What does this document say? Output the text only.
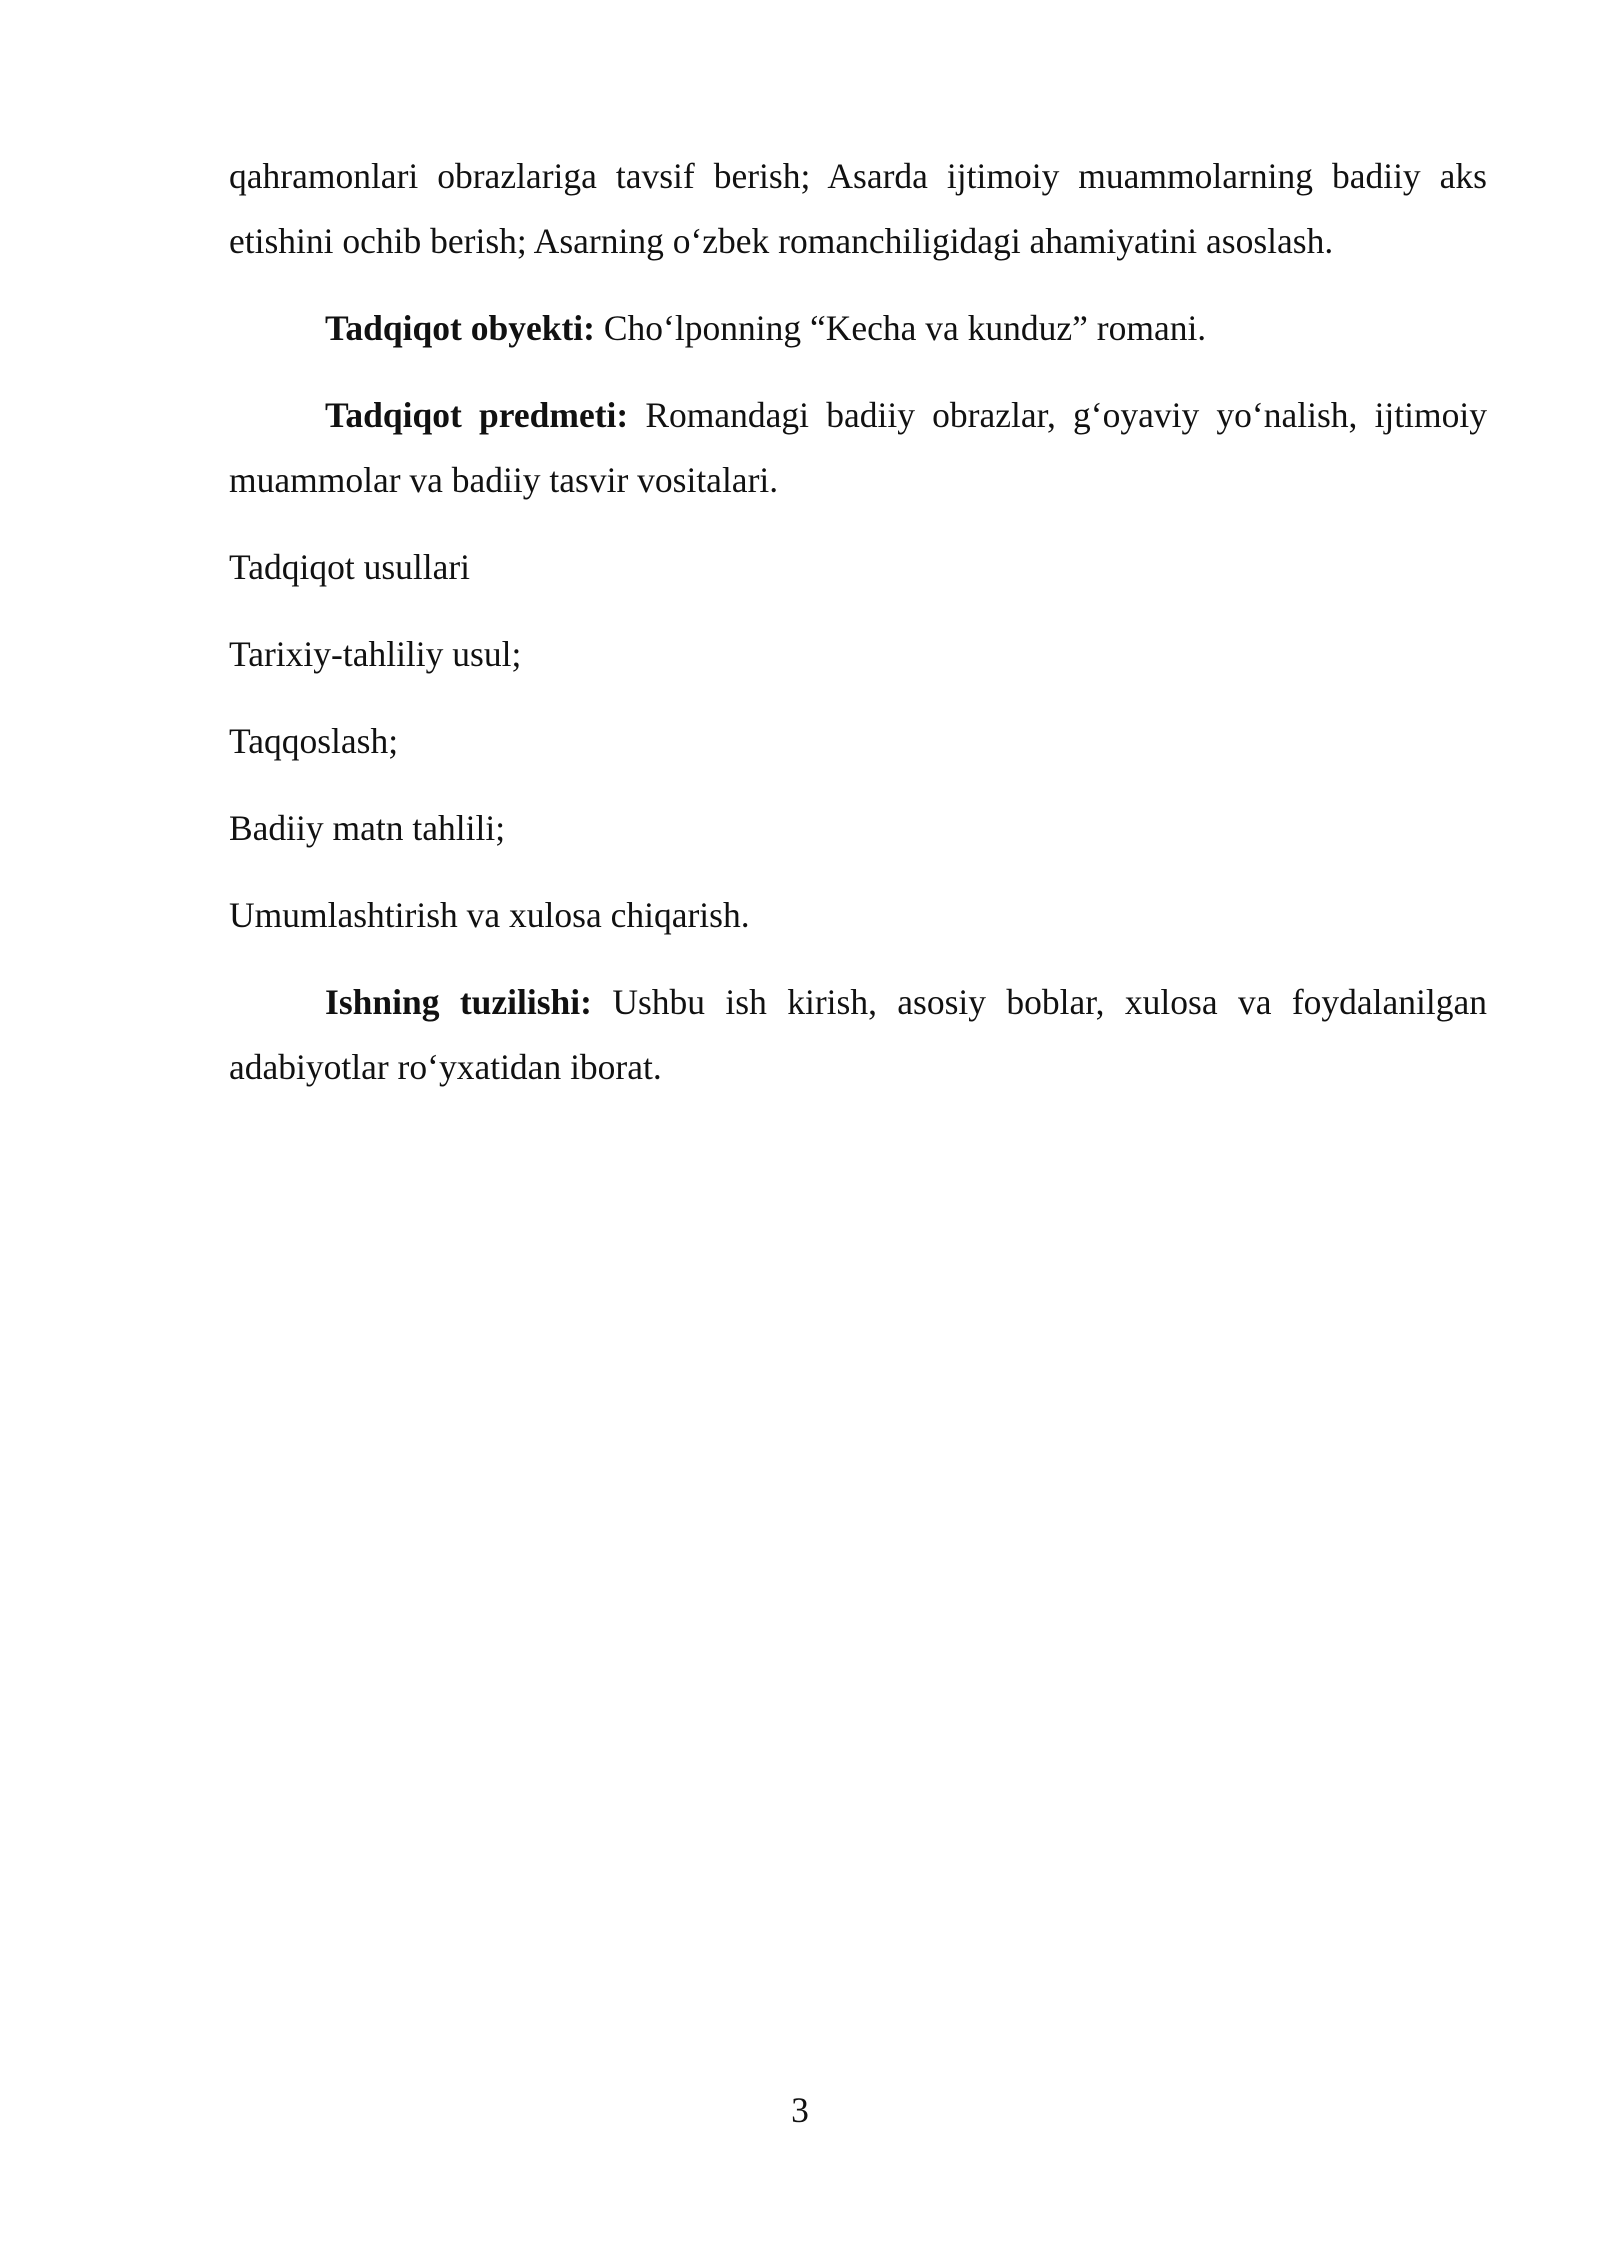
qahramonlari obrazlariga tavsif berish; Asarda ijtimoiy muammolarning badiiy aks etishini ochib berish; Asarning o‘zbek romanchiligidagi ahamiyatini asoslash.

Tadqiqot obyekti: Cho‘lponning “Kecha va kunduz” romani.

Tadqiqot predmeti: Romandagi badiiy obrazlar, g‘oyaviy yo‘nalish, ijtimoiy muammolar va badiiy tasvir vositalari.

Tadqiqot usullari

Tarixiy-tahliliy usul;

Taqqoslash;

Badiiy matn tahlili;

Umumlashtirish va xulosa chiqarish.

Ishning tuzilishi: Ushbu ish kirish, asosiy boblar, xulosa va foydalanilgan adabiyotlar ro‘yxatidan iborat.

3
